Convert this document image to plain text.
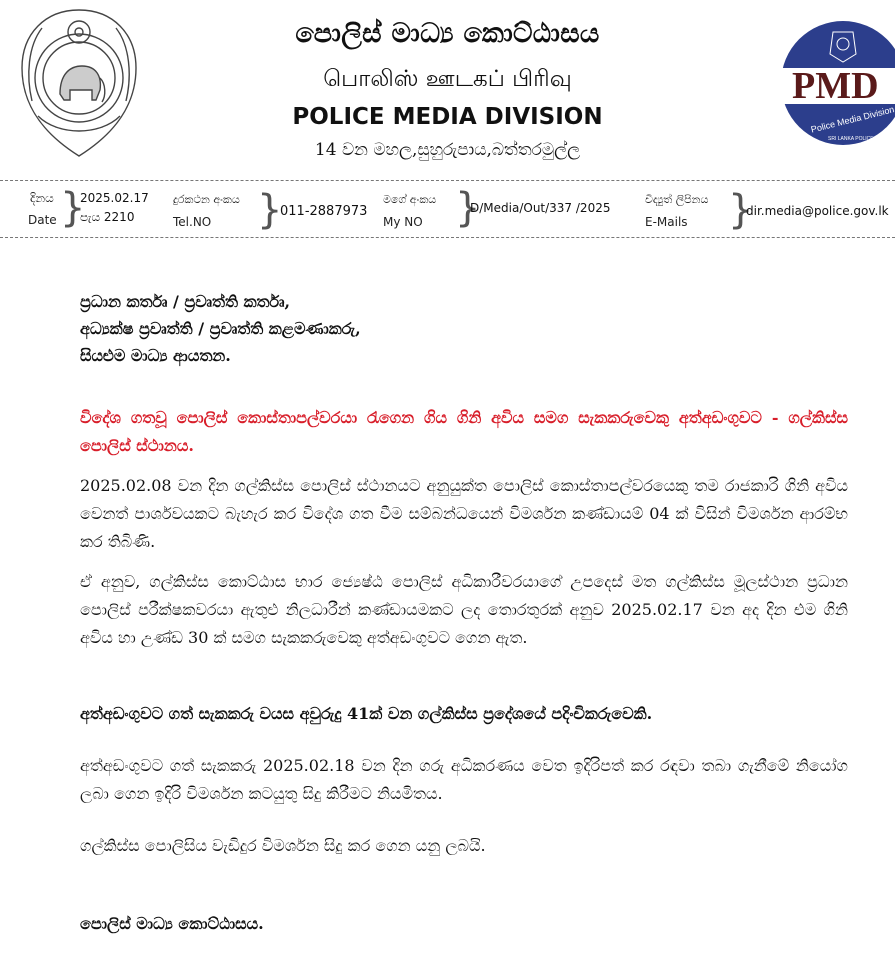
පොලිස් මාධ්‍ය කොට්ඨාසය
பொலிஸ் ஊடகப் பிரிவு
POLICE MEDIA DIVISION
14 වන මහල,සුහුරුපාය,බත්තරමුල්ල
PMD
Police Media Division
SRI LANKA POLICE
දිනය
Date }
2025.02.17
පැය 2210
දුරකථන අංකය
Tel.NO }
011-2887973
මගේ අංකය
My NO }
D/Media/Out/337 /2025
විද්‍යුත් ලිපිනය
E-Mails }
dir.media@police.gov.lk
ප්‍රධාන කර්තෘ / ප්‍රවෘත්ති කර්තෘ,
අධ්‍යක්ෂ ප්‍රවෘත්ති / ප්‍රවෘත්ති කළමණාකරු,
සියළුම මාධ්‍ය ආයතන.
විදේශ ගතවූ පොලිස් කොස්තාපල්වරයා රැගෙන ගිය ගිනි අවිය සමග සැකකරුවෙකු අත්අඩංගුවට - ගල්කිස්ස පොලිස් ස්ථානය.
2025.02.08 වන දින ගල්කිස්ස පොලිස් ස්ථානයට අනුයුක්ත පොලිස් කොස්තාපල්වරයෙකු තම රාජකාරි ගිනි අවිය වෙනත් පාර්ශවයකට බැහැර කර විදේශ ගත වීම සම්බන්ධයෙන් විමර්ශන කණ්ඩායම් 04 ක් විසින් විමර්ශන ආරම්භ කර තිබිණි.
ඒ අනුව, ගල්කිස්ස කොට්ඨාස භාර ජ්‍යෙෂ්ඨ පොලිස් අධිකාරීවරයාගේ උපදෙස් මත ගල්කිස්ස මූලස්ථාන ප්‍රධාන පොලිස් පරීක්ෂකවරයා ඇතුළු නිලධාරීන් කණ්ඩායමකට ලද තොරතුරක් අනුව 2025.02.17 වන අද දින එම ගිනි අවිය හා උණ්ඩ 30 ක් සමග සැකකරුවෙකු අත්අඩංගුවට ගෙන ඇත.
අත්අඩංගුවට ගත් සැකකරු වයස අවුරුදු 41ක් වන ගල්කිස්ස ප්‍රදේශයේ පදිංචිකරුවෙකි.
අත්අඩංගුවට ගත් සැකකරු 2025.02.18 වන දින ගරු අධිකරණය වෙත ඉදිරිපත් කර රඳවා තබා ගැනීමේ නියෝග ලබා ගෙන ඉදිරි විමර්ශන කටයුතු සිදු කිරීමට නියමිතය.
ගල්කිස්ස පොලිසිය වැඩිදුර විමර්ශන සිදු කර ගෙන යනු ලබයි.
පොලිස් මාධ්‍ය කොට්ඨාසය.
